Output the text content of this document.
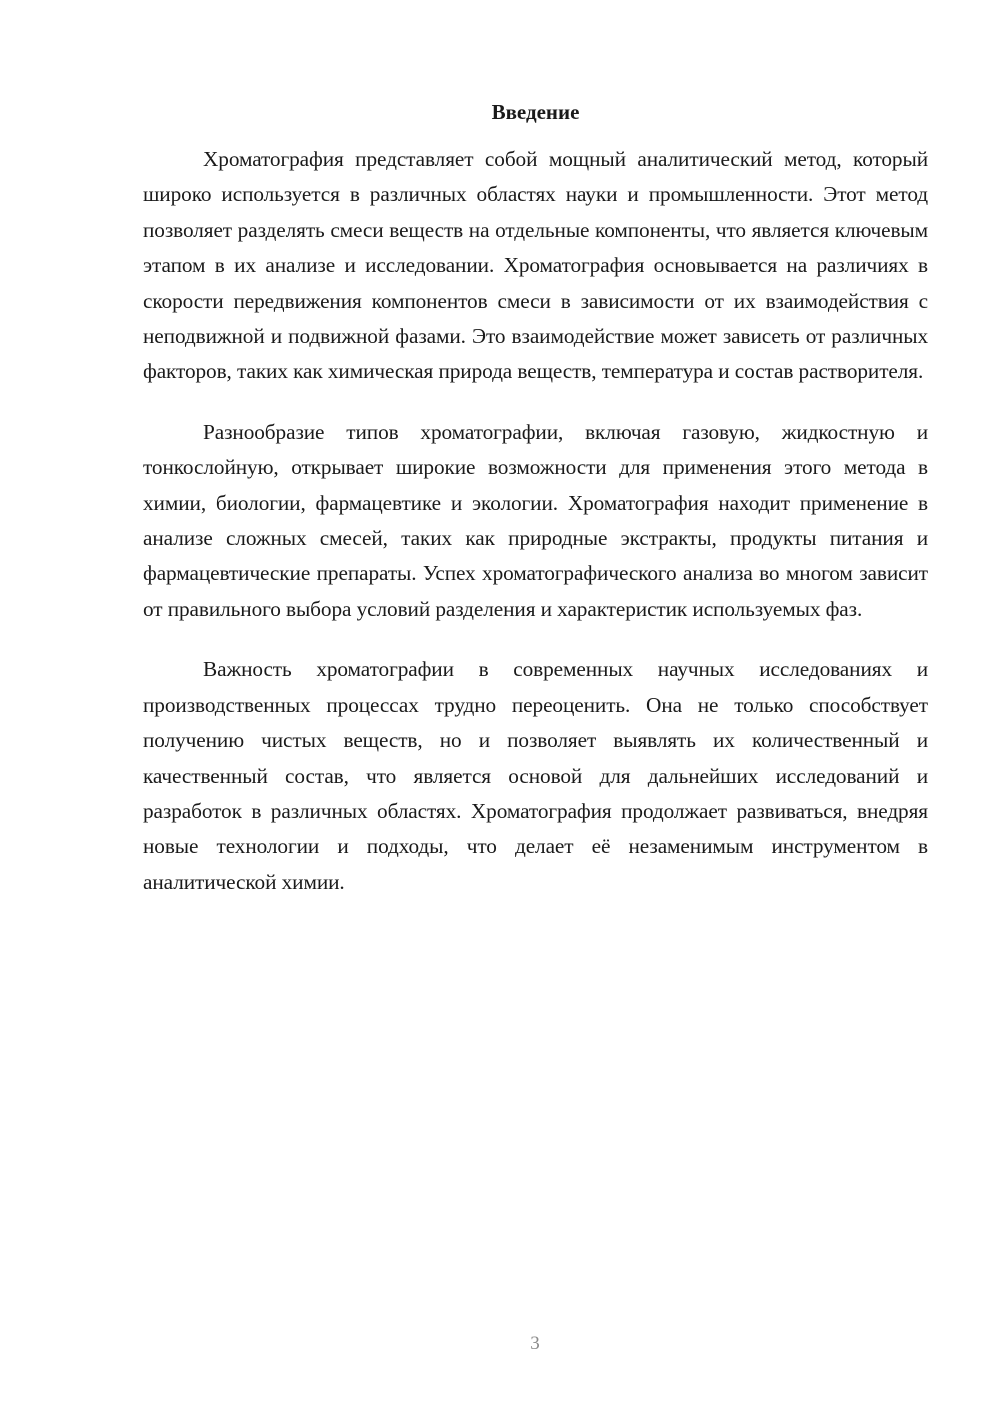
Введение

Хроматография представляет собой мощный аналитический метод, который широко используется в различных областях науки и промышленности. Этот метод позволяет разделять смеси веществ на отдельные компоненты, что является ключевым этапом в их анализе и исследовании. Хроматография основывается на различиях в скорости передвижения компонентов смеси в зависимости от их взаимодействия с неподвижной и подвижной фазами. Это взаимодействие может зависеть от различных факторов, таких как химическая природа веществ, температура и состав растворителя.

Разнообразие типов хроматографии, включая газовую, жидкостную и тонкослойную, открывает широкие возможности для применения этого метода в химии, биологии, фармацевтике и экологии. Хроматография находит применение в анализе сложных смесей, таких как природные экстракты, продукты питания и фармацевтические препараты. Успех хроматографического анализа во многом зависит от правильного выбора условий разделения и характеристик используемых фаз.

Важность хроматографии в современных научных исследованиях и производственных процессах трудно переоценить. Она не только способствует получению чистых веществ, но и позволяет выявлять их количественный и качественный состав, что является основой для дальнейших исследований и разработок в различных областях. Хроматография продолжает развиваться, внедряя новые технологии и подходы, что делает её незаменимым инструментом в аналитической химии.

3
